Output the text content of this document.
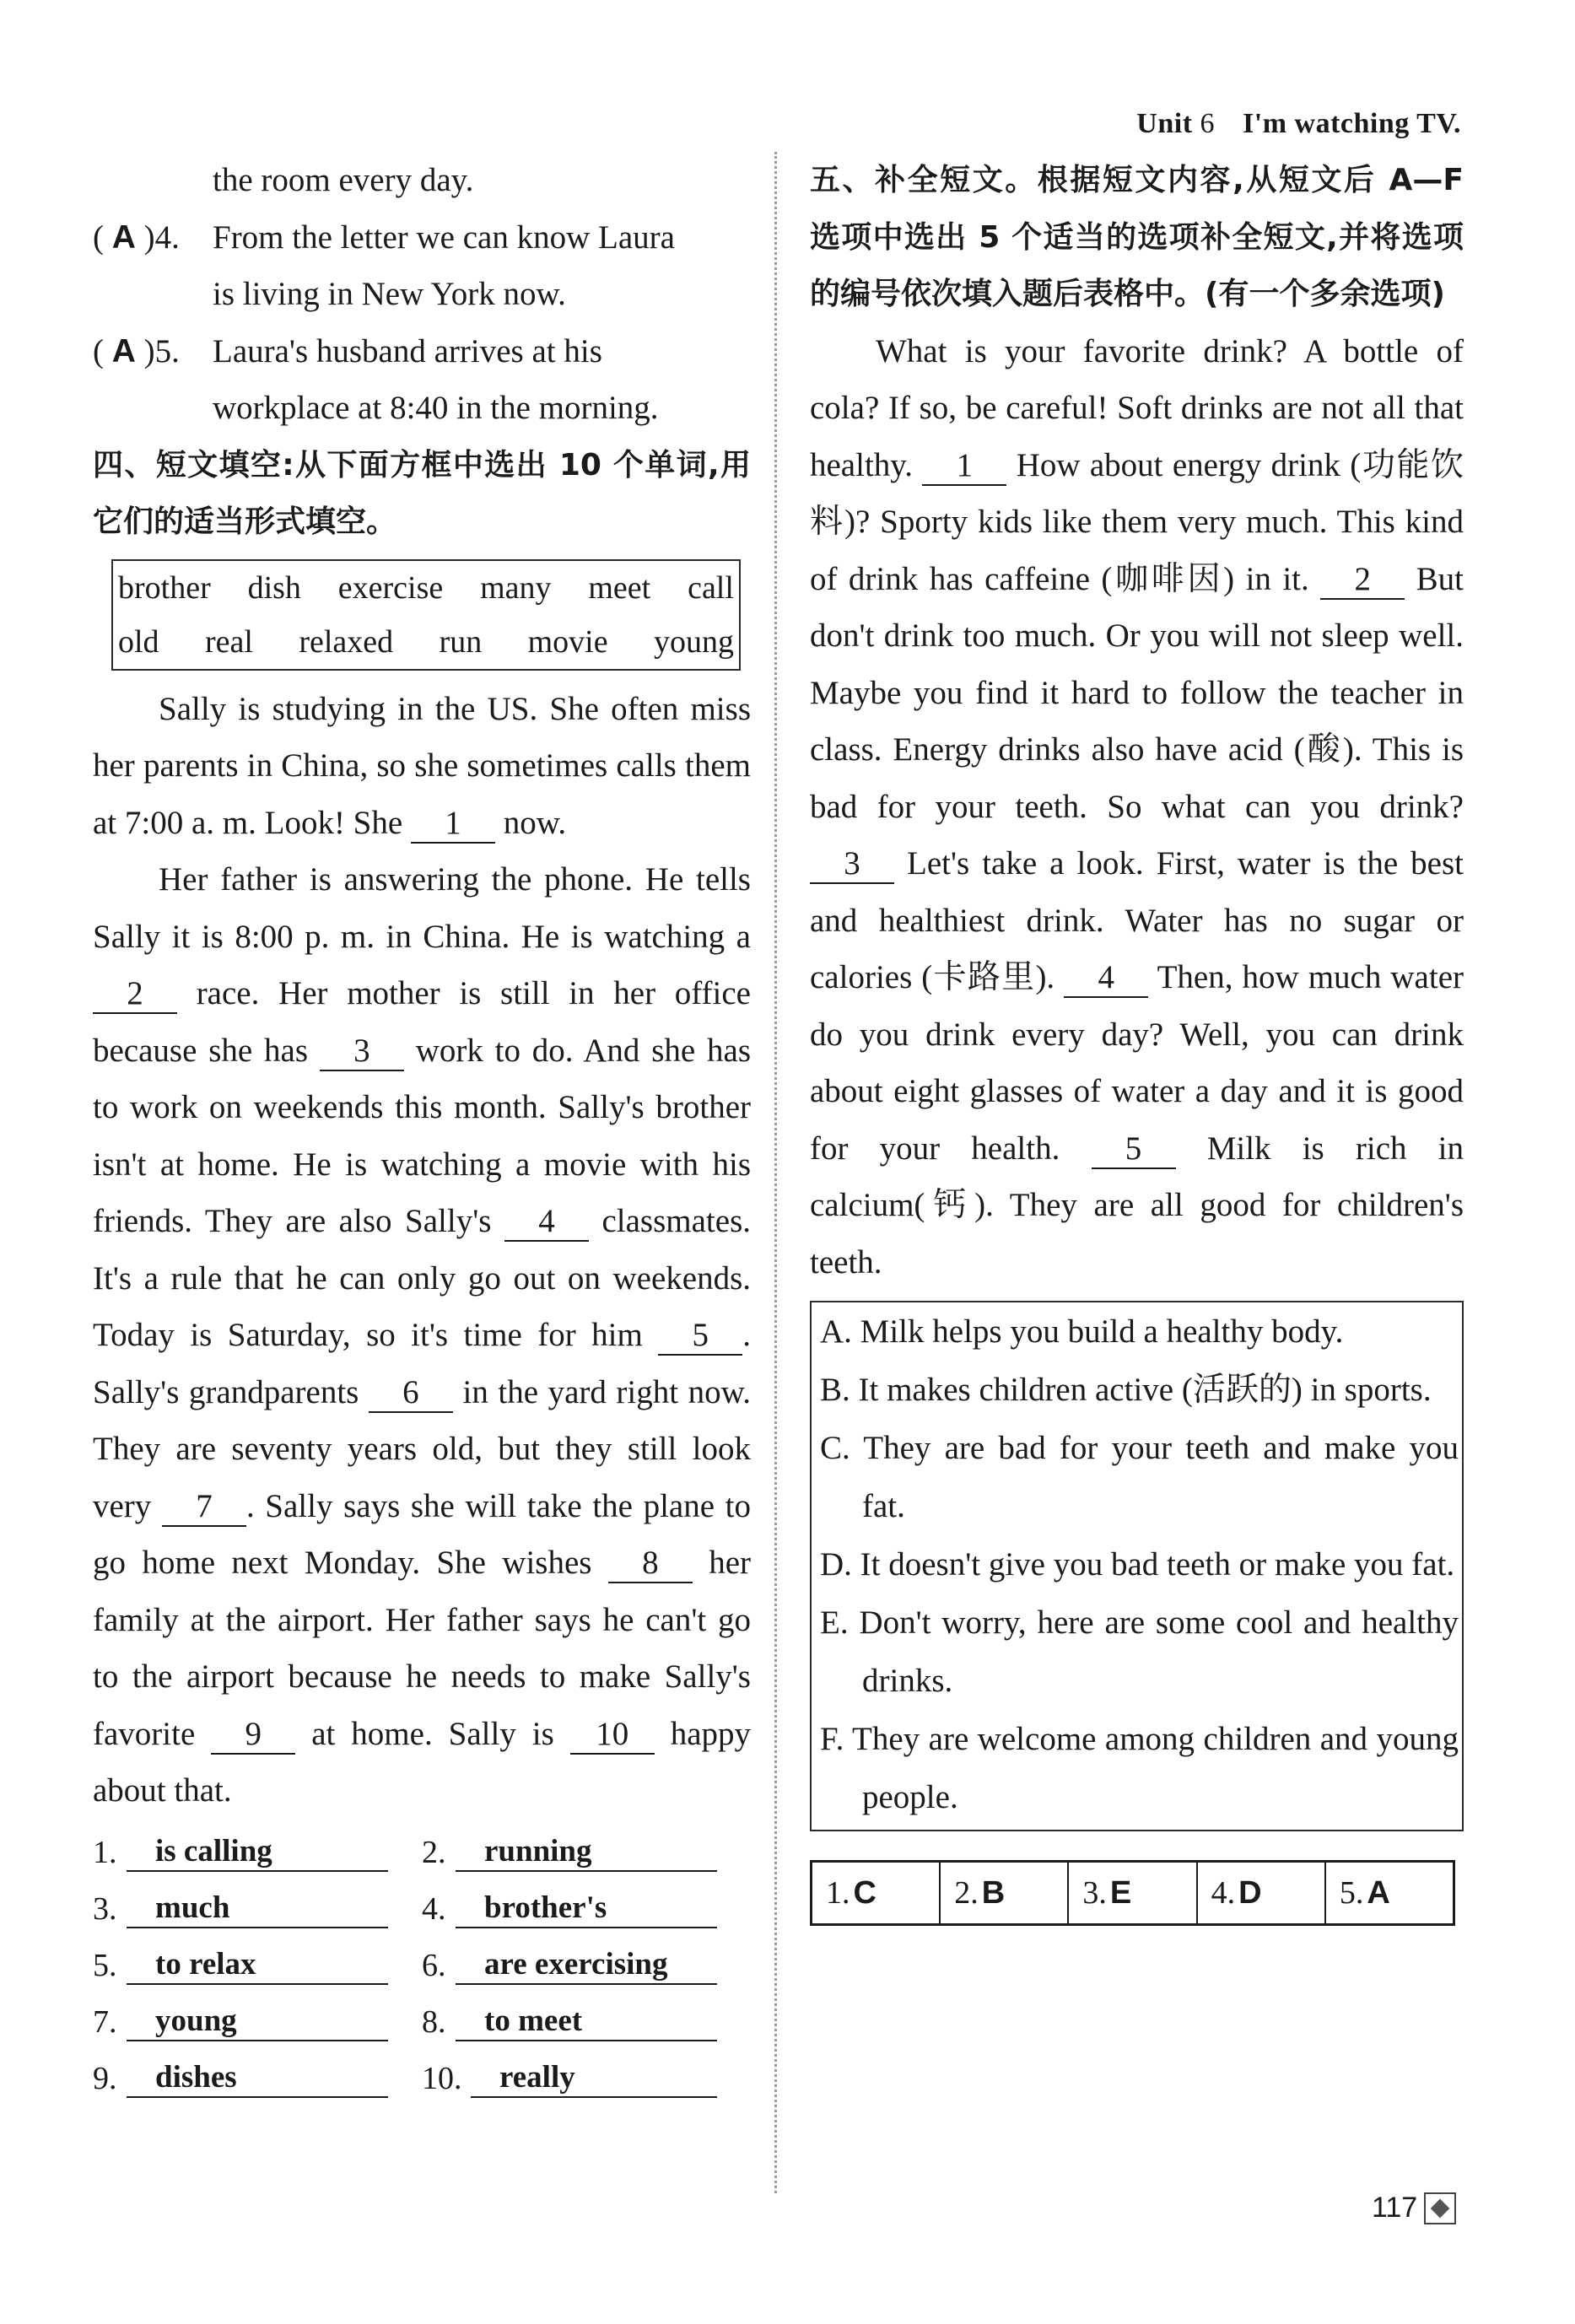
Unit 6 I'm watching TV.

the room every day.

( A )4. From the letter we can know Laura
is living in New York now.

( A )5. Laura's husband arrives at his
workplace at 8:40 in the morning.

四、短文填空:从下面方框中选出 10 个单词,用它们的适当形式填空。

brother dish exercise many meet call
old real relaxed run movie young

Sally is studying in the US. She often miss her parents in China, so she sometimes calls them at 7:00 a. m. Look! She 1 now.

Her father is answering the phone. He tells Sally it is 8:00 p. m. in China. He is watching a 2 race. Her mother is still in her office because she has 3 work to do. And she has to work on weekends this month. Sally's brother isn't at home. He is watching a movie with his friends. They are also Sally's 4 classmates. It's a rule that he can only go out on weekends. Today is Saturday, so it's time for him 5 . Sally's grandparents 6 in the yard right now. They are seventy years old, but they still look very 7 . Sally says she will take the plane to go home next Monday. She wishes 8 her family at the airport. Her father says he can't go to the airport because he needs to make Sally's favorite 9 at home. Sally is 10 happy about that.

1.	is calling	2.	running
3.	much	4.	brother's
5.	to relax	6.	are exercising
7.	young	8.	to meet
9.	dishes	10.	really

五、补全短文。根据短文内容,从短文后 A—F 选项中选出 5 个适当的选项补全短文,并将选项的编号依次填入题后表格中。(有一个多余选项)

What is your favorite drink? A bottle of cola? If so, be careful! Soft drinks are not all that healthy. 1 How about energy drink (功能饮料)? Sporty kids like them very much. This kind of drink has caffeine (咖啡因) in it. 2 But don't drink too much. Or you will not sleep well. Maybe you find it hard to follow the teacher in class. Energy drinks also have acid (酸). This is bad for your teeth. So what can you drink? 3 Let's take a look. First, water is the best and healthiest drink. Water has no sugar or calories (卡路里). 4 Then, how much water do you drink every day? Well, you can drink about eight glasses of water a day and it is good for your health. 5 Milk is rich in calcium(钙). They are all good for children's teeth.

A. Milk helps you build a healthy body.

B. It makes children active (活跃的) in sports.

C. They are bad for your teeth and make you fat.

D. It doesn't give you bad teeth or make you fat.

E. Don't worry, here are some cool and healthy drinks.

F. They are welcome among children and young people.

1. C 2. B 3. E 4. D 5. A
117
